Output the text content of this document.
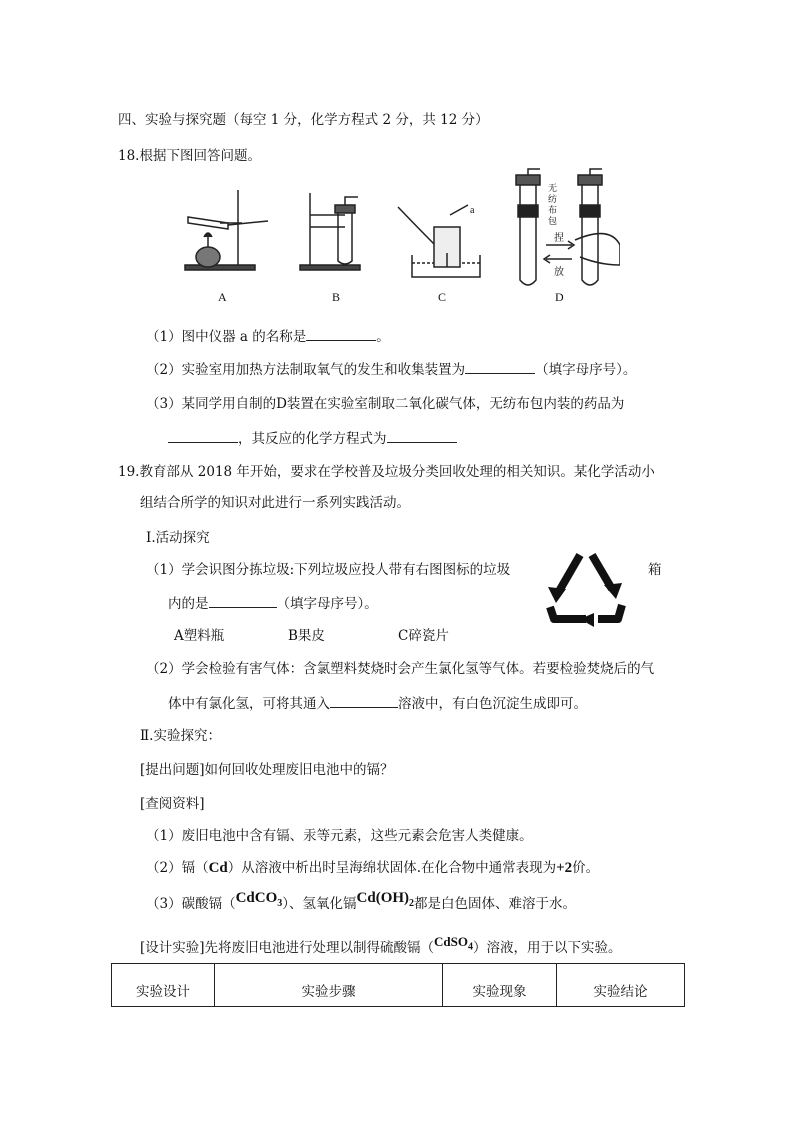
四、实验与探究题（每空 1 分，化学方程式 2 分，共 12 分）
18.根据下图回答问题。
A	B	C	D
a
无纺布包
捏
放
（1）图中仪器 a 的名称是	。
（2）实验室用加热方法制取氧气的发生和收集装置为	（填字母序号）。
（3）某同学用自制的D装置在实验室制取二氧化碳气体，无纺布包内装的药品为
，其反应的化学方程式为
19.教育部从 2018 年开始，要求在学校普及垃圾分类回收处理的相关知识。某化学活动小
组结合所学的知识对此进行一系列实践活动。
I.活动探究
（1）学会识图分拣垃圾:下列垃圾应投人带有右图图标的垃圾	箱
内的是	（填字母序号）。
A塑料瓶	B果皮	C碎瓷片
（2）学会检验有害气体：含氯塑料焚烧时会产生氯化氢等气体。若要检验焚烧后的气
体中有氯化氢，可将其通入	溶液中，有白色沉淀生成即可。
Ⅱ.实验探究：
[提出问题]如何回收处理废旧电池中的镉？
[查阅资料]
（1）废旧电池中含有镉、汞等元素，这些元素会危害人类健康。
（2）镉（Cd）从溶液中析出时呈海绵状固体.在化合物中通常表现为+2价。
（3）碳酸镉（CdCO$_3$）、氢氧化镉$Cd(OH)_2$都是白色固体、难溶于水。
[设计实验]先将废旧电池进行处理以制得硫酸镉（CdSO$_4$）溶液，用于以下实验。
实验设计	实验步骤	实验现象	实验结论
